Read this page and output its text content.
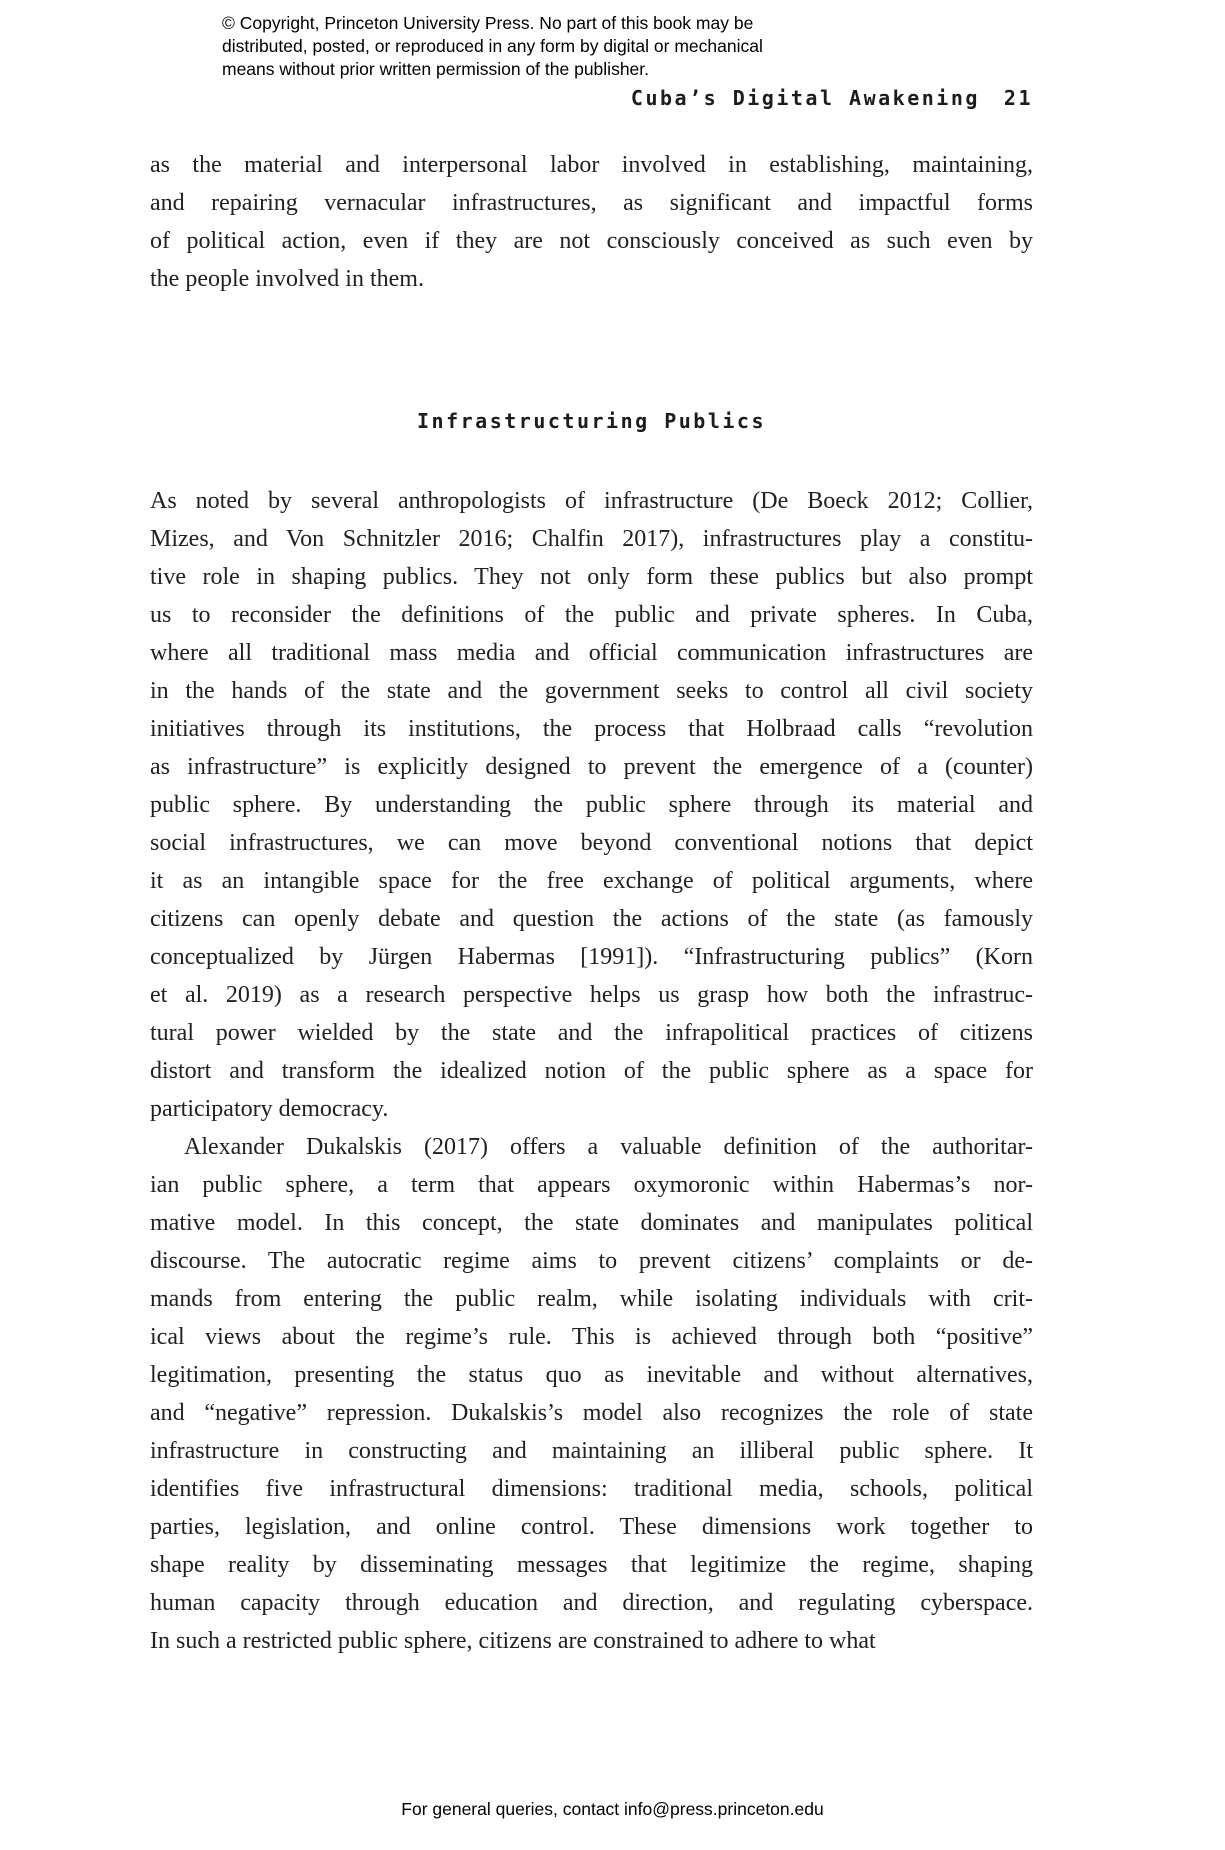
© Copyright, Princeton University Press. No part of this book may be
distributed, posted, or reproduced in any form by digital or mechanical
means without prior written permission of the publisher.
Cuba’s Digital Awakening 21
as the material and interpersonal labor involved in establishing, maintaining,
and repairing vernacular infrastructures, as significant and impactful forms
of political action, even if they are not consciously conceived as such even by
the people involved in them.
Infrastructuring Publics
As noted by several anthropologists of infrastructure (De Boeck 2012; Collier,
Mizes, and Von Schnitzler 2016; Chalfin 2017), infrastructures play a constitu-
tive role in shaping publics. They not only form these publics but also prompt
us to reconsider the definitions of the public and private spheres. In Cuba,
where all traditional mass media and official communication infrastructures are
in the hands of the state and the government seeks to control all civil society
initiatives through its institutions, the process that Holbraad calls “revolution
as infrastructure” is explicitly designed to prevent the emergence of a (counter)
public sphere. By understanding the public sphere through its material and
social infrastructures, we can move beyond conventional notions that depict
it as an intangible space for the free exchange of political arguments, where
citizens can openly debate and question the actions of the state (as famously
conceptualized by Jürgen Habermas [1991]). “Infrastructuring publics” (Korn
et al. 2019) as a research perspective helps us grasp how both the infrastruc-
tural power wielded by the state and the infrapolitical practices of citizens
distort and transform the idealized notion of the public sphere as a space for
participatory democracy.
Alexander Dukalskis (2017) offers a valuable definition of the authoritar-
ian public sphere, a term that appears oxymoronic within Habermas’s nor-
mative model. In this concept, the state dominates and manipulates political
discourse. The autocratic regime aims to prevent citizens’ complaints or de-
mands from entering the public realm, while isolating individuals with crit-
ical views about the regime’s rule. This is achieved through both “positive”
legitimation, presenting the status quo as inevitable and without alternatives,
and “negative” repression. Dukalskis’s model also recognizes the role of state
infrastructure in constructing and maintaining an illiberal public sphere. It
identifies five infrastructural dimensions: traditional media, schools, political
parties, legislation, and online control. These dimensions work together to
shape reality by disseminating messages that legitimize the regime, shaping
human capacity through education and direction, and regulating cyberspace.
In such a restricted public sphere, citizens are constrained to adhere to what
For general queries, contact info@press.princeton.edu
